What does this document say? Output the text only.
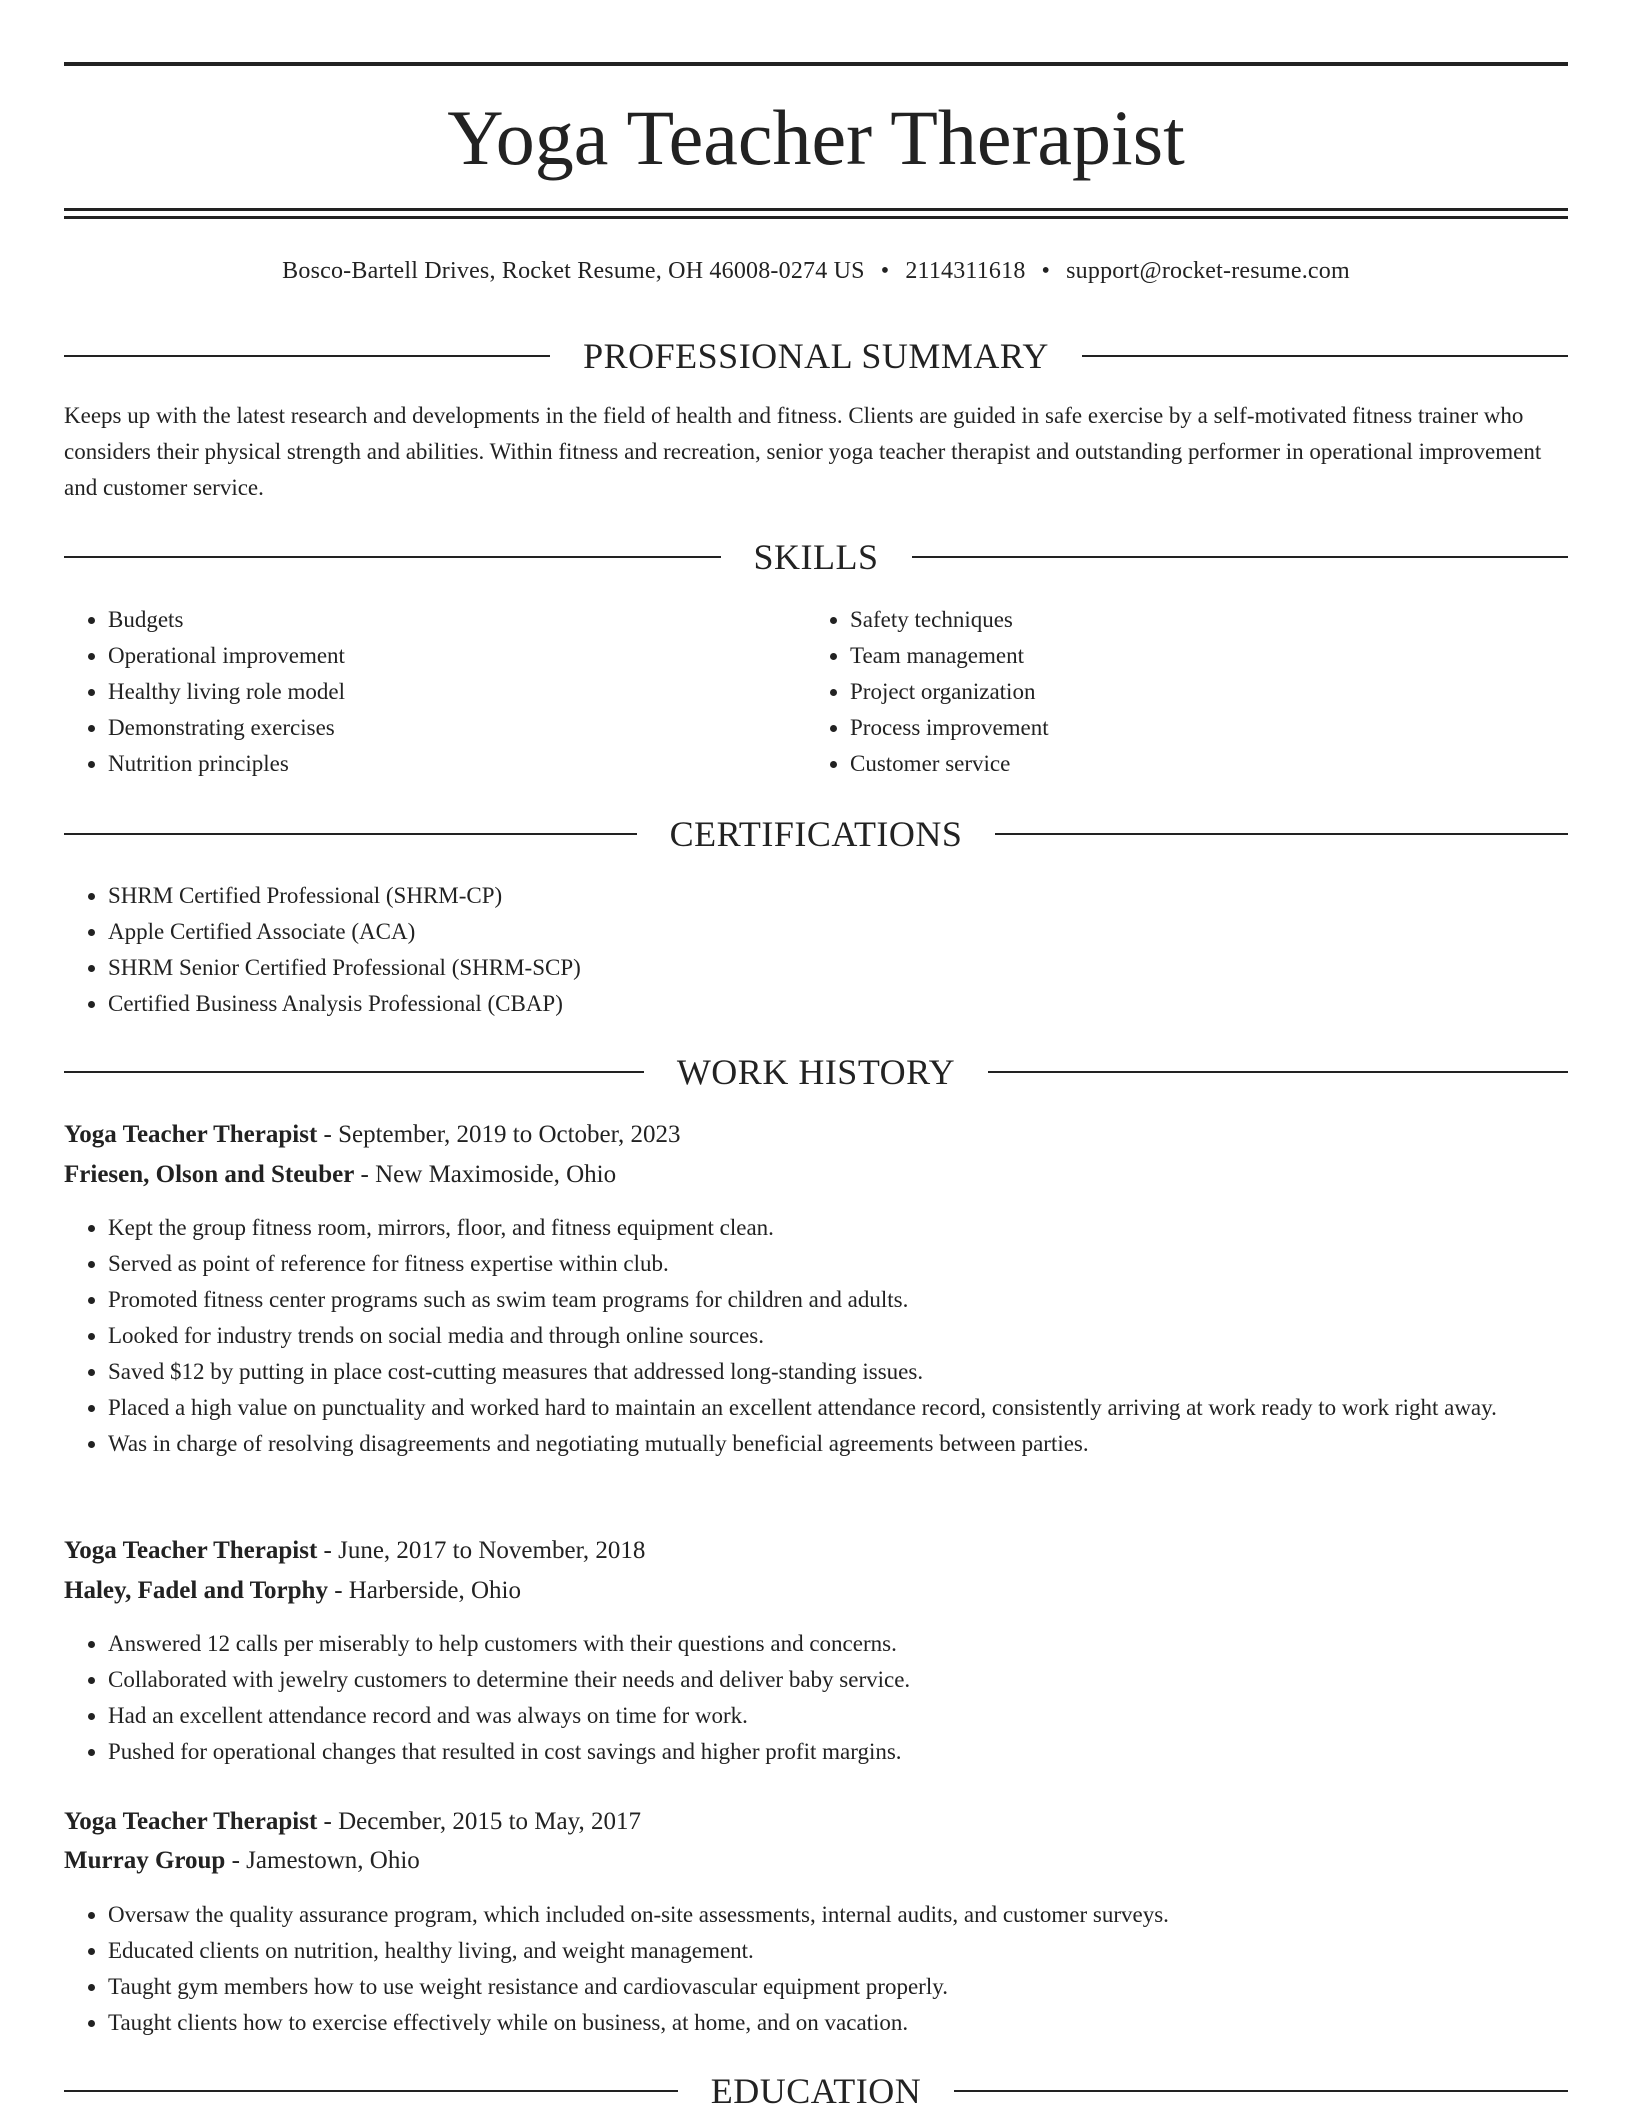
Yoga Teacher Therapist
Bosco-Bartell Drives, Rocket Resume, OH 46008-0274 US • 2114311618 • support@rocket-resume.com
PROFESSIONAL SUMMARY

Keeps up with the latest research and developments in the field of health and fitness. Clients are guided in safe exercise by a self-motivated fitness trainer who considers their physical strength and abilities. Within fitness and recreation, senior yoga teacher therapist and outstanding performer in operational improvement and customer service.

SKILLS
• Budgets
• Operational improvement
• Healthy living role model
• Demonstrating exercises
• Nutrition principles
• Safety techniques
• Team management
• Project organization
• Process improvement
• Customer service
CERTIFICATIONS
• SHRM Certified Professional (SHRM-CP)
• Apple Certified Associate (ACA)
• SHRM Senior Certified Professional (SHRM-SCP)
• Certified Business Analysis Professional (CBAP)
WORK HISTORY
Yoga Teacher Therapist - September, 2019 to October, 2023
Friesen, Olson and Steuber - New Maximoside, Ohio
• Kept the group fitness room, mirrors, floor, and fitness equipment clean.
• Served as point of reference for fitness expertise within club.
• Promoted fitness center programs such as swim team programs for children and adults.
• Looked for industry trends on social media and through online sources.
• Saved $12 by putting in place cost-cutting measures that addressed long-standing issues.
• Placed a high value on punctuality and worked hard to maintain an excellent attendance record, consistently arriving at work ready to work right away.
• Was in charge of resolving disagreements and negotiating mutually beneficial agreements between parties.
Yoga Teacher Therapist - June, 2017 to November, 2018
Haley, Fadel and Torphy - Harberside, Ohio
• Answered 12 calls per miserably to help customers with their questions and concerns.
• Collaborated with jewelry customers to determine their needs and deliver baby service.
• Had an excellent attendance record and was always on time for work.
• Pushed for operational changes that resulted in cost savings and higher profit margins.
Yoga Teacher Therapist - December, 2015 to May, 2017
Murray Group - Jamestown, Ohio
• Oversaw the quality assurance program, which included on-site assessments, internal audits, and customer surveys.
• Educated clients on nutrition, healthy living, and weight management.
• Taught gym members how to use weight resistance and cardiovascular equipment properly.
• Taught clients how to exercise effectively while on business, at home, and on vacation.
EDUCATION
